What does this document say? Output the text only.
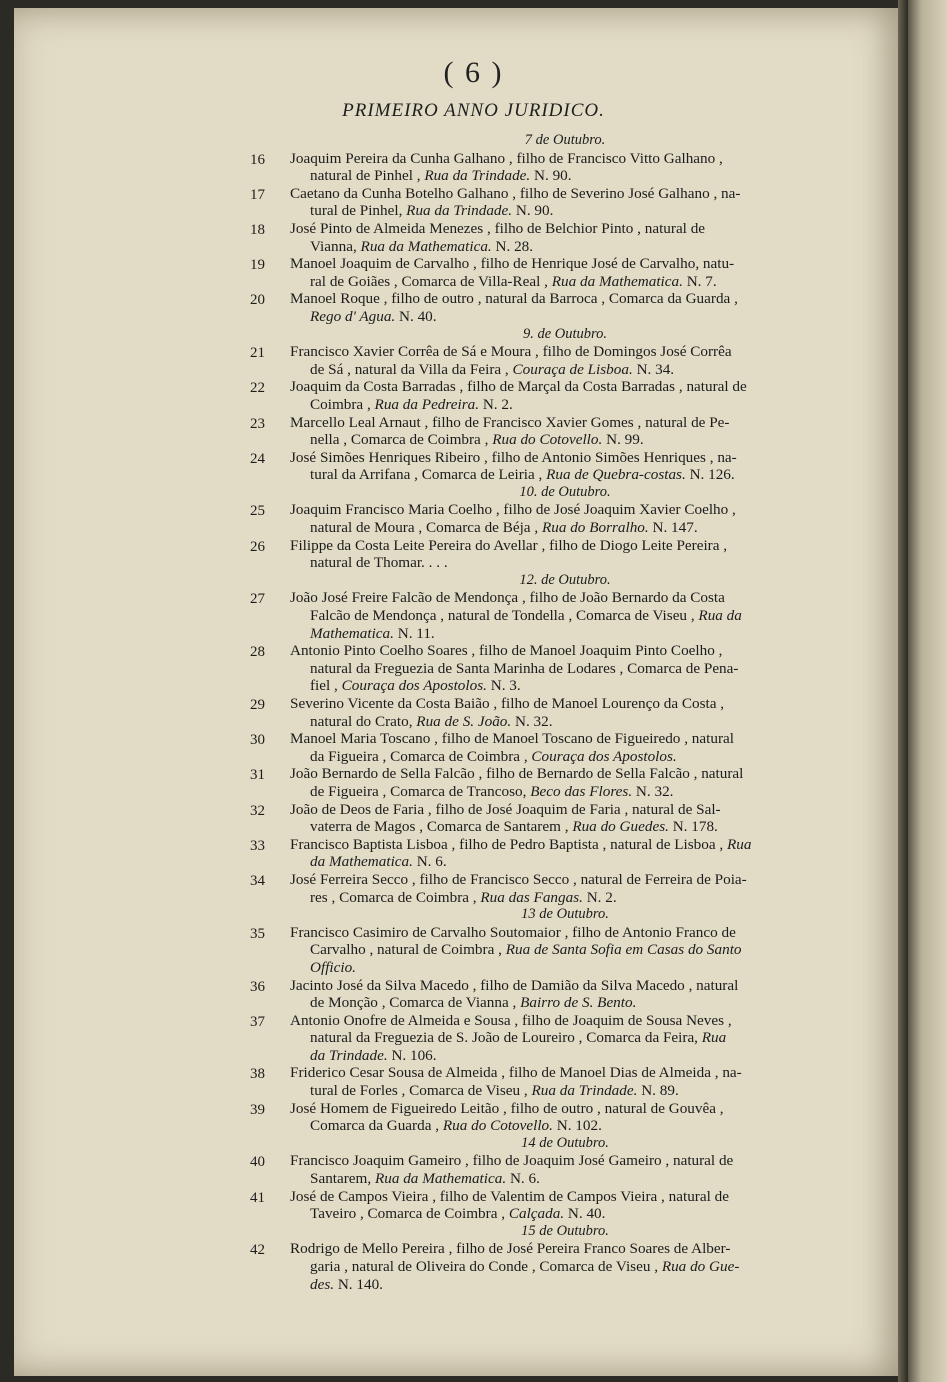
( 6 )
PRIMEIRO ANNO JURIDICO.
7 de Outubro.
16	Joaquim Pereira da Cunha Galhano , filho de Francisco Vitto Galhano ,
natural de Pinhel , Rua da Trindade. N. 90.
17	Caetano da Cunha Botelho Galhano , filho de Severino José Galhano , na-
tural de Pinhel, Rua da Trindade. N. 90.
18	José Pinto de Almeida Menezes , filho de Belchior Pinto , natural de
Vianna, Rua da Mathematica. N. 28.
19	Manoel Joaquim de Carvalho , filho de Henrique José de Carvalho, natu-
ral de Goiães , Comarca de Villa-Real , Rua da Mathematica. N. 7.
20	Manoel Roque , filho de outro , natural da Barroca , Comarca da Guarda ,
Rego d' Agua. N. 40.
9. de Outubro.
21	Francisco Xavier Corrêa de Sá e Moura , filho de Domingos José Corrêa
de Sá , natural da Villa da Feira , Couraça de Lisboa. N. 34.
22	Joaquim da Costa Barradas , filho de Marçal da Costa Barradas , natural de
Coimbra , Rua da Pedreira. N. 2.
23	Marcello Leal Arnaut , filho de Francisco Xavier Gomes , natural de Pe-
nella , Comarca de Coimbra , Rua do Cotovello. N. 99.
24	José Simões Henriques Ribeiro , filho de Antonio Simões Henriques , na-
tural da Arrifana , Comarca de Leiria , Rua de Quebra-costas. N. 126.
10. de Outubro.
25	Joaquim Francisco Maria Coelho , filho de José Joaquim Xavier Coelho ,
natural de Moura , Comarca de Béja , Rua do Borralho. N. 147.
26	Filippe da Costa Leite Pereira do Avellar , filho de Diogo Leite Pereira ,
natural de Thomar. . . .
12. de Outubro.
27	João José Freire Falcão de Mendonça , filho de João Bernardo da Costa
Falcão de Mendonça , natural de Tondella , Comarca de Viseu , Rua da
Mathematica. N. 11.
28	Antonio Pinto Coelho Soares , filho de Manoel Joaquim Pinto Coelho ,
natural da Freguezia de Santa Marinha de Lodares , Comarca de Pena-
fiel , Couraça dos Apostolos. N. 3.
29	Severino Vicente da Costa Baião , filho de Manoel Lourenço da Costa ,
natural do Crato, Rua de S. João. N. 32.
30	Manoel Maria Toscano , filho de Manoel Toscano de Figueiredo , natural
da Figueira , Comarca de Coimbra , Couraça dos Apostolos.
31	João Bernardo de Sella Falcão , filho de Bernardo de Sella Falcão , natural
de Figueira , Comarca de Trancoso, Beco das Flores. N. 32.
32	João de Deos de Faria , filho de José Joaquim de Faria , natural de Sal-
vaterra de Magos , Comarca de Santarem , Rua do Guedes. N. 178.
33	Francisco Baptista Lisboa , filho de Pedro Baptista , natural de Lisboa , Rua
da Mathematica. N. 6.
34	José Ferreira Secco , filho de Francisco Secco , natural de Ferreira de Poia-
res , Comarca de Coimbra , Rua das Fangas. N. 2.
13 de Outubro.
35	Francisco Casimiro de Carvalho Soutomaior , filho de Antonio Franco de
Carvalho , natural de Coimbra , Rua de Santa Sofia em Casas do Santo
Officio.
36	Jacinto José da Silva Macedo , filho de Damião da Silva Macedo , natural
de Monção , Comarca de Vianna , Bairro de S. Bento.
37	Antonio Onofre de Almeida e Sousa , filho de Joaquim de Sousa Neves ,
natural da Freguezia de S. João de Loureiro , Comarca da Feira, Rua
da Trindade. N. 106.
38	Friderico Cesar Sousa de Almeida , filho de Manoel Dias de Almeida , na-
tural de Forles , Comarca de Viseu , Rua da Trindade. N. 89.
39	José Homem de Figueiredo Leitão , filho de outro , natural de Gouvêa ,
Comarca da Guarda , Rua do Cotovello. N. 102.
14 de Outubro.
40	Francisco Joaquim Gameiro , filho de Joaquim José Gameiro , natural de
Santarem, Rua da Mathematica. N. 6.
41	José de Campos Vieira , filho de Valentim de Campos Vieira , natural de
Taveiro , Comarca de Coimbra , Calçada. N. 40.
15 de Outubro.
42	Rodrigo de Mello Pereira , filho de José Pereira Franco Soares de Alber-
garia , natural de Oliveira do Conde , Comarca de Viseu , Rua do Gue-
des. N. 140.
